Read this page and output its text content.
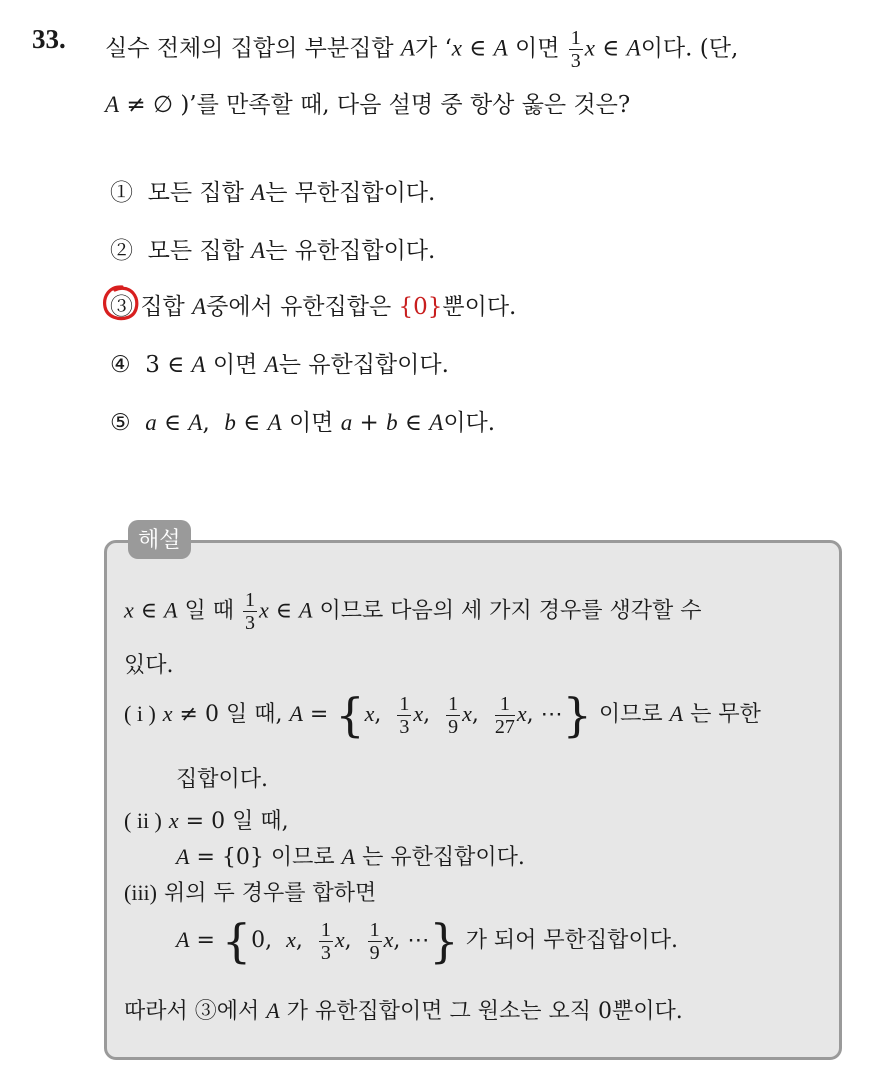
33. 실수 전체의 집합의 부분집합 A가 ‘x ∈ A 이면 $\frac{1}{3}$ x ∈ A이다. (단,
A ≠ ∅ )’를 만족할 때, 다음 설명 중 항상 옳은 것은?
① 모든 집합 A는 무한집합이다.
② 모든 집합 A는 유한집합이다.
③ 집합 A중에서 유한집합은 {0}뿐이다.
④ 3 ∈ A 이면 A는 유한집합이다.
⑤ a ∈ A,  b ∈ A 이면 a + b ∈ A이다.
해설
x ∈ A 일 때 $\frac{1}{3}$ x ∈ A 이므로 다음의 세 가지 경우를 생각할 수
있다.
( i ) x ≠ 0 일 때, A = {x, $\frac{1}{3} x$, $\frac{1}{9} x$, $\frac{1}{27} x$, ⋯} 이므로 A 는 무한
집합이다.
( ii ) x = 0 일 때,
A = {0} 이므로 A 는 유한집합이다.
(iii) 위의 두 경우를 합하면
A = {0,  x, $\frac{1}{3} x$, $\frac{1}{9} x$, ⋯} 가 되어 무한집합이다.
따라서 ③에서 A 가 유한집합이면 그 원소는 오직 0뿐이다.
